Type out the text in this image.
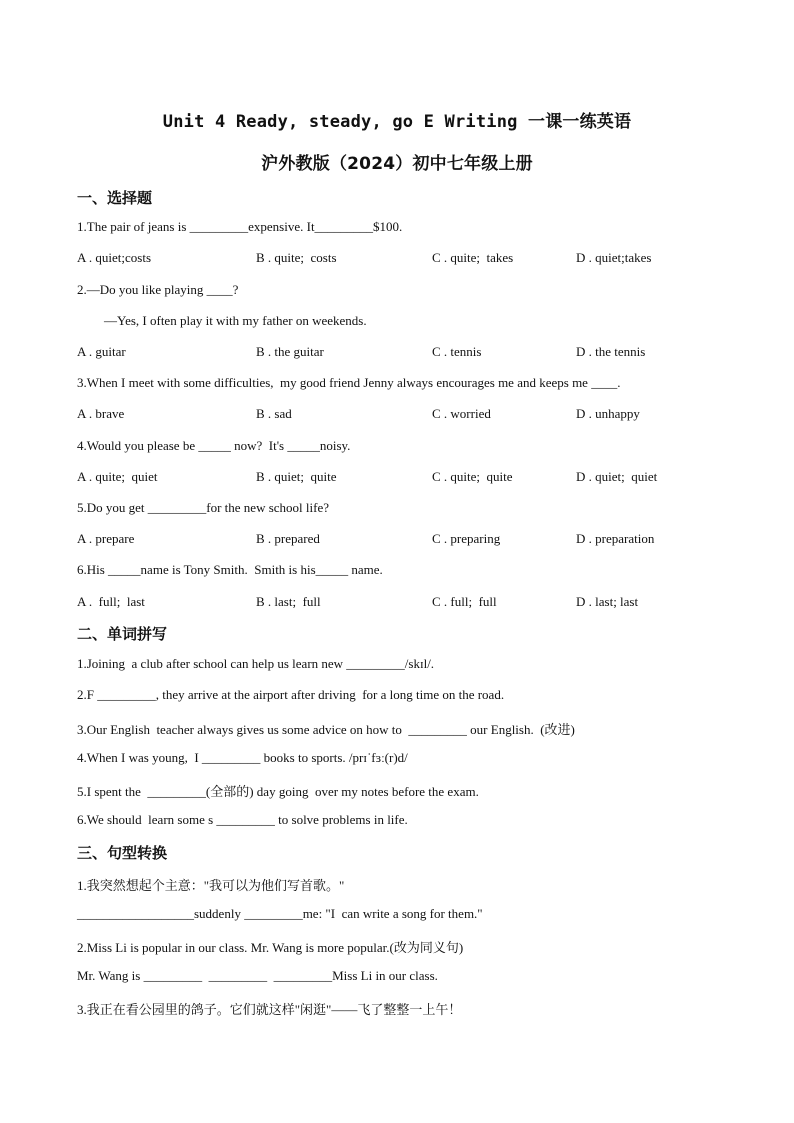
Unit 4 Ready, steady, go E Writing 一课一练英语
沪外教版（2024）初中七年级上册
一、选择题
1.The pair of jeans is _________expensive. It_________$100.
A . quiet;costs	B . quite;  costs	C . quite;  takes	D . quiet;takes
2.—Do you like playing ____?
—Yes, I often play it with my father on weekends.
A . guitar	B . the guitar	C . tennis	D . the tennis
3.When I meet with some difficulties,  my good friend Jenny always encourages me and keeps me ____.
A . brave	B . sad	C . worried	D . unhappy
4.Would you please be _____ now?  It's _____noisy.
A . quite;  quiet	B . quiet;  quite	C . quite;  quite	D . quiet;  quiet
5.Do you get _________for the new school life?
A . prepare	B . prepared	C . preparing	D . preparation
6.His _____name is Tony Smith.  Smith is his_____ name.
A .  full;  last	B . last;  full	C . full;  full	D . last; last
二、单词拼写
1.Joining  a club after school can help us learn new _________/skɪl/.
2.F _________, they arrive at the airport after driving  for a long time on the road.
3.Our English  teacher always gives us some advice on how to  _________ our English.  (改进)
4.When I was young,  I _________ books to sports. /prɪˈfɜː(r)d/
5.I spent the  _________(全部的) day going  over my notes before the exam.
6.We should  learn some s _________ to solve problems in life.
三、句型转换
1.我突然想起个主意："我可以为他们写首歌。"
__________________suddenly _________me: "I  can write a song for them."
2.Miss Li is popular in our class. Mr. Wang is more popular.(改为同义句)
Mr. Wang is _________  _________  _________Miss Li in our class.
3.我正在看公园里的鸽子。它们就这样"闲逛"——飞了整整一上午！
